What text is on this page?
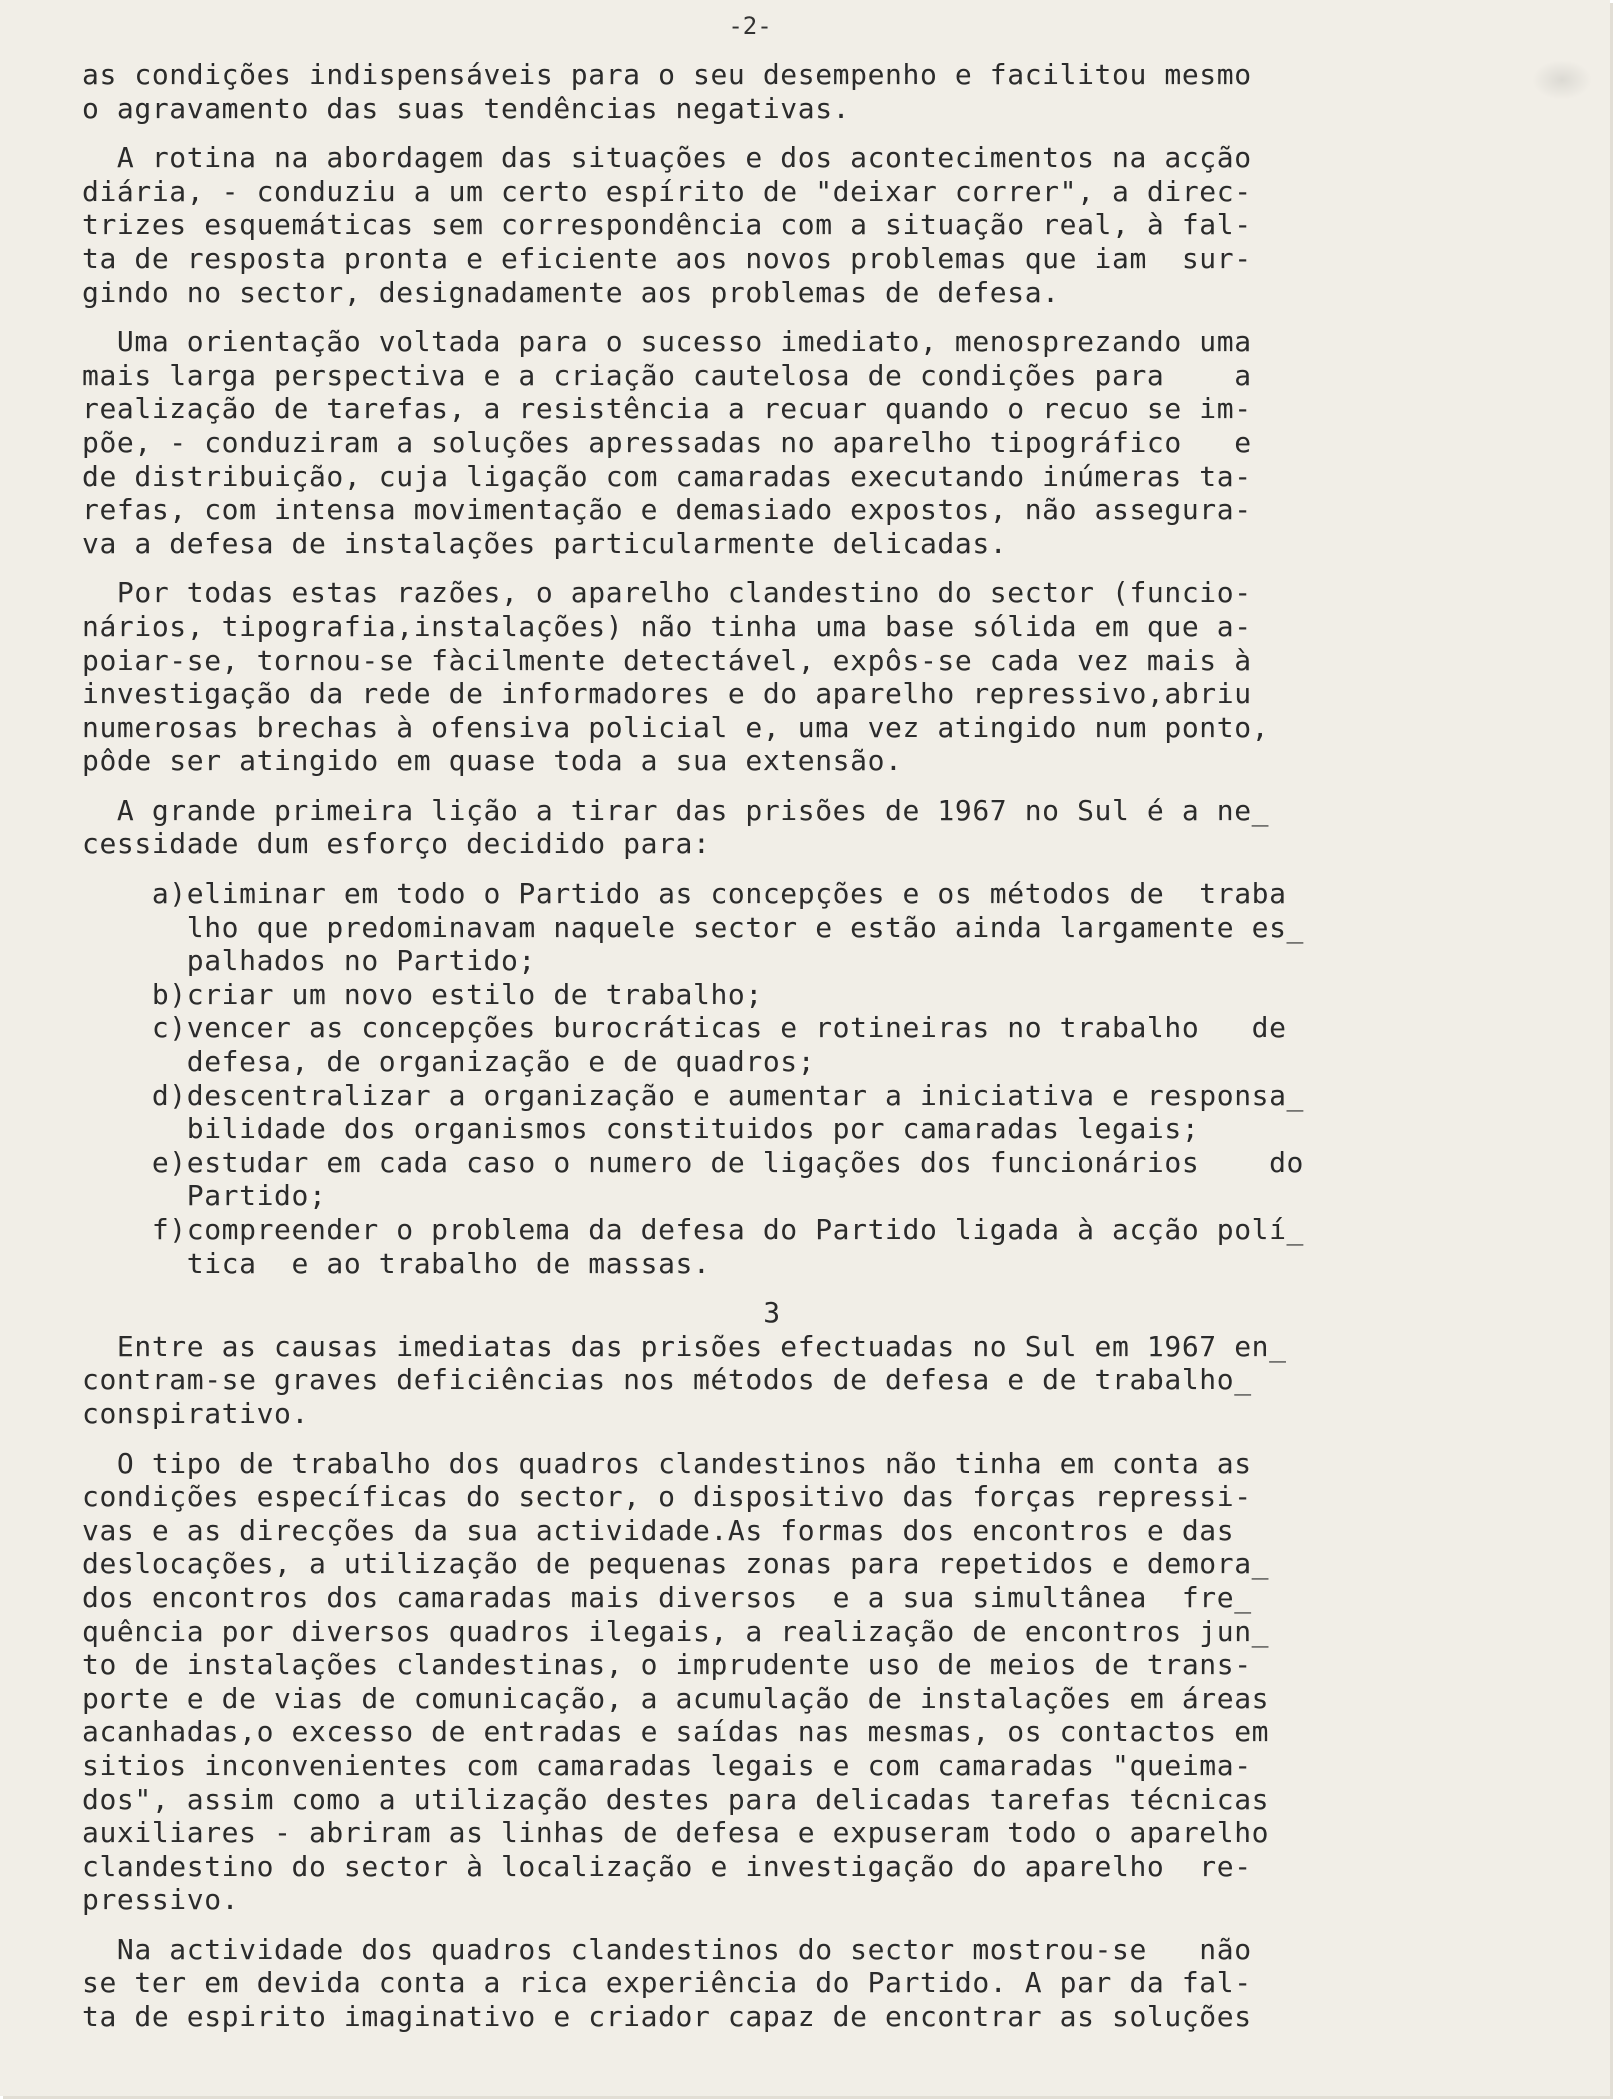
-2-
as condições indispensáveis para o seu desempenho e facilitou mesmo
o agravamento das suas tendências negativas.
A rotina na abordagem das situações e dos acontecimentos na acção
diária, - conduziu a um certo espírito de "deixar correr", a direc-
trizes esquemáticas sem correspondência com a situação real, à fal-
ta de resposta pronta e eficiente aos novos problemas que iam  sur-
gindo no sector, designadamente aos problemas de defesa.
Uma orientação voltada para o sucesso imediato, menosprezando uma
mais larga perspectiva e a criação cautelosa de condições para    a
realização de tarefas, a resistência a recuar quando o recuo se im-
põe, - conduziram a soluções apressadas no aparelho tipográfico   e
de distribuição, cuja ligação com camaradas executando inúmeras ta-
refas, com intensa movimentação e demasiado expostos, não assegura-
va a defesa de instalações particularmente delicadas.
Por todas estas razões, o aparelho clandestino do sector (funcio-
nários, tipografia,instalações) não tinha uma base sólida em que a-
poiar-se, tornou-se fàcilmente detectável, expôs-se cada vez mais à
investigação da rede de informadores e do aparelho repressivo,abriu
numerosas brechas à ofensiva policial e, uma vez atingido num ponto,
pôde ser atingido em quase toda a sua extensão.
A grande primeira lição a tirar das prisões de 1967 no Sul é a ne_
cessidade dum esforço decidido para:
a)eliminar em todo o Partido as concepções e os métodos de  traba
lho que predominavam naquele sector e estão ainda largamente es_
palhados no Partido;
b)criar um novo estilo de trabalho;
c)vencer as concepções burocráticas e rotineiras no trabalho   de
defesa, de organização e de quadros;
d)descentralizar a organização e aumentar a iniciativa e responsa_
bilidade dos organismos constituidos por camaradas legais;
e)estudar em cada caso o numero de ligações dos funcionários    do
Partido;
f)compreender o problema da defesa do Partido ligada à acção polí_
tica  e ao trabalho de massas.
3
Entre as causas imediatas das prisões efectuadas no Sul em 1967 en_
contram-se graves deficiências nos métodos de defesa e de trabalho_
conspirativo.
O tipo de trabalho dos quadros clandestinos não tinha em conta as
condições específicas do sector, o dispositivo das forças repressi-
vas e as direcções da sua actividade.As formas dos encontros e das
deslocações, a utilização de pequenas zonas para repetidos e demora_
dos encontros dos camaradas mais diversos  e a sua simultânea  fre_
quência por diversos quadros ilegais, a realização de encontros jun_
to de instalações clandestinas, o imprudente uso de meios de trans-
porte e de vias de comunicação, a acumulação de instalações em áreas
acanhadas,o excesso de entradas e saídas nas mesmas, os contactos em
sitios inconvenientes com camaradas legais e com camaradas "queima-
dos", assim como a utilização destes para delicadas tarefas técnicas
auxiliares - abriram as linhas de defesa e expuseram todo o aparelho
clandestino do sector à localização e investigação do aparelho  re-
pressivo.
Na actividade dos quadros clandestinos do sector mostrou-se   não
se ter em devida conta a rica experiência do Partido. A par da fal-
ta de espirito imaginativo e criador capaz de encontrar as soluções
